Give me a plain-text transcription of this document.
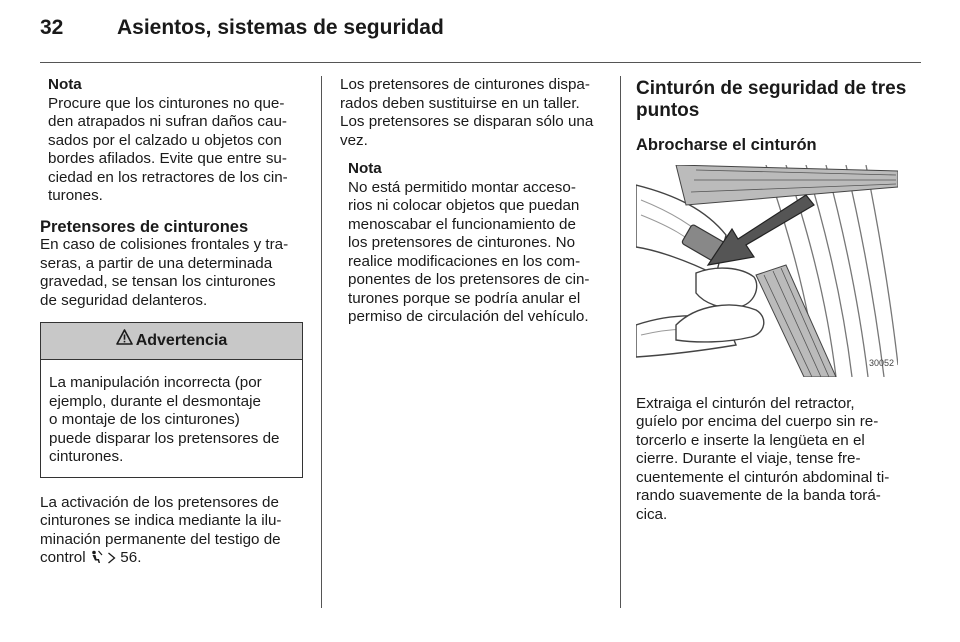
32	Asientos, sistemas de seguridad
Nota
Procure que los cinturones no que-
den atrapados ni sufran daños cau-
sados por el calzado u objetos con
bordes afilados. Evite que entre su-
ciedad en los retractores de los cin-
turones.
Pretensores de cinturones
En caso de colisiones frontales y tra-
seras, a partir de una determinada
gravedad, se tensan los cinturones
de seguridad delanteros.
Advertencia
La manipulación incorrecta (por
ejemplo, durante el desmontaje
o montaje de los cinturones)
puede disparar los pretensores de
cinturones.
La activación de los pretensores de
cinturones se indica mediante la ilu-
minación permanente del testigo de
control 56.
Los pretensores de cinturones dispa-
rados deben sustituirse en un taller.
Los pretensores se disparan sólo una
vez.
Nota
No está permitido montar acceso-
rios ni colocar objetos que puedan
menoscabar el funcionamiento de
los pretensores de cinturones. No
realice modificaciones en los com-
ponentes de los pretensores de cin-
turones porque se podría anular el
permiso de circulación del vehículo.
Cinturón de seguridad de tres
puntos
Abrocharse el cinturón
30052
Extraiga el cinturón del retractor,
guíelo por encima del cuerpo sin re-
torcerlo e inserte la lengüeta en el
cierre. Durante el viaje, tense fre-
cuentemente el cinturón abdominal ti-
rando suavemente de la banda torá-
cica.
